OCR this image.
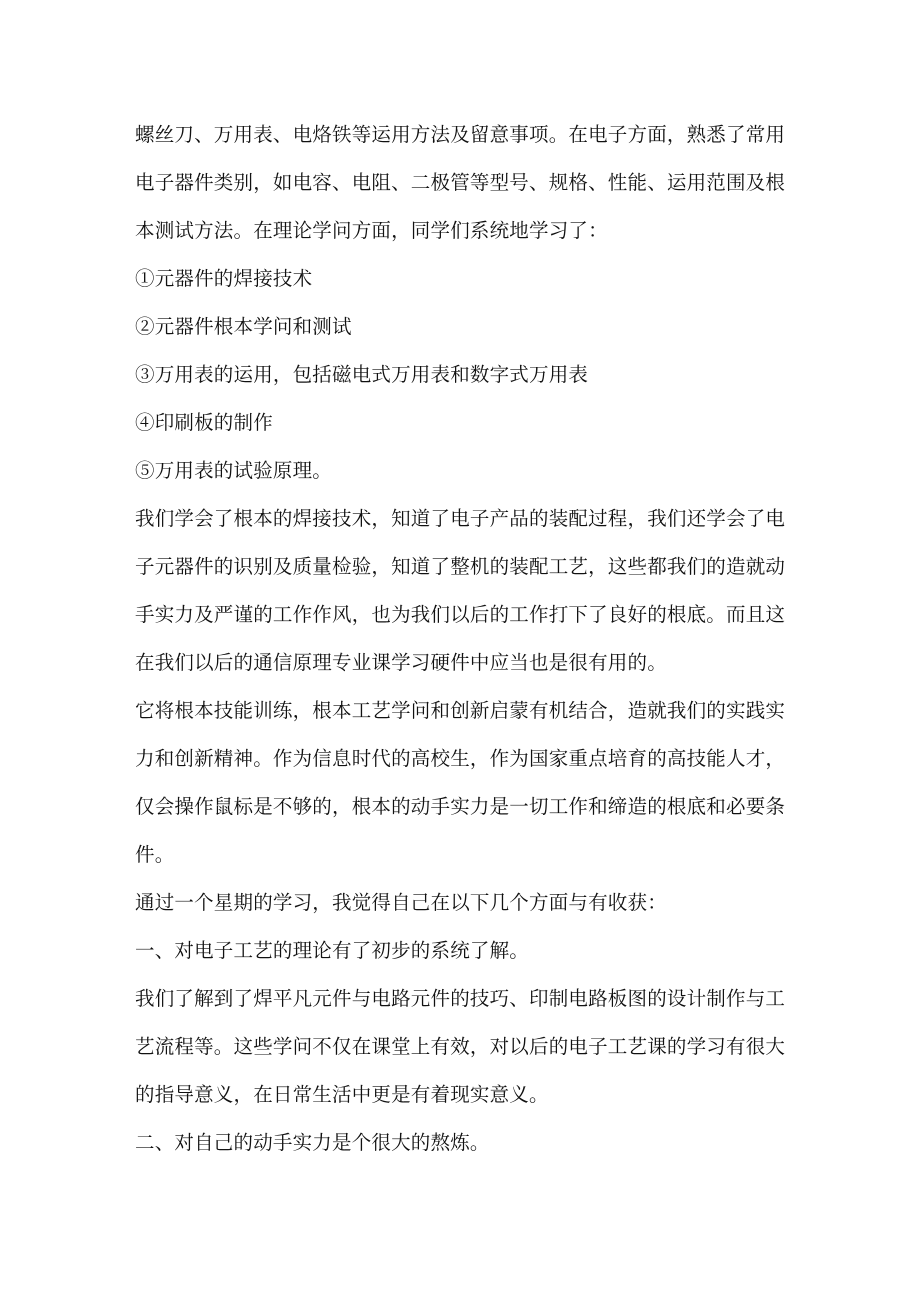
螺丝刀、万用表、电烙铁等运用方法及留意事项。在电子方面，熟悉了常用电子器件类别，如电容、电阻、二极管等型号、规格、性能、运用范围及根本测试方法。在理论学问方面，同学们系统地学习了：

①元器件的焊接技术

②元器件根本学问和测试

③万用表的运用，包括磁电式万用表和数字式万用表

④印刷板的制作

⑤万用表的试验原理。

我们学会了根本的焊接技术，知道了电子产品的装配过程，我们还学会了电子元器件的识别及质量检验，知道了整机的装配工艺，这些都我们的造就动手实力及严谨的工作作风，也为我们以后的工作打下了良好的根底。而且这在我们以后的通信原理专业课学习硬件中应当也是很有用的。

它将根本技能训练，根本工艺学问和创新启蒙有机结合，造就我们的实践实力和创新精神。作为信息时代的高校生，作为国家重点培育的高技能人才，仅会操作鼠标是不够的，根本的动手实力是一切工作和缔造的根底和必要条件。

通过一个星期的学习，我觉得自己在以下几个方面与有收获：

一、对电子工艺的理论有了初步的系统了解。

我们了解到了焊平凡元件与电路元件的技巧、印制电路板图的设计制作与工艺流程等。这些学问不仅在课堂上有效，对以后的电子工艺课的学习有很大的指导意义，在日常生活中更是有着现实意义。

二、对自己的动手实力是个很大的熬炼。
